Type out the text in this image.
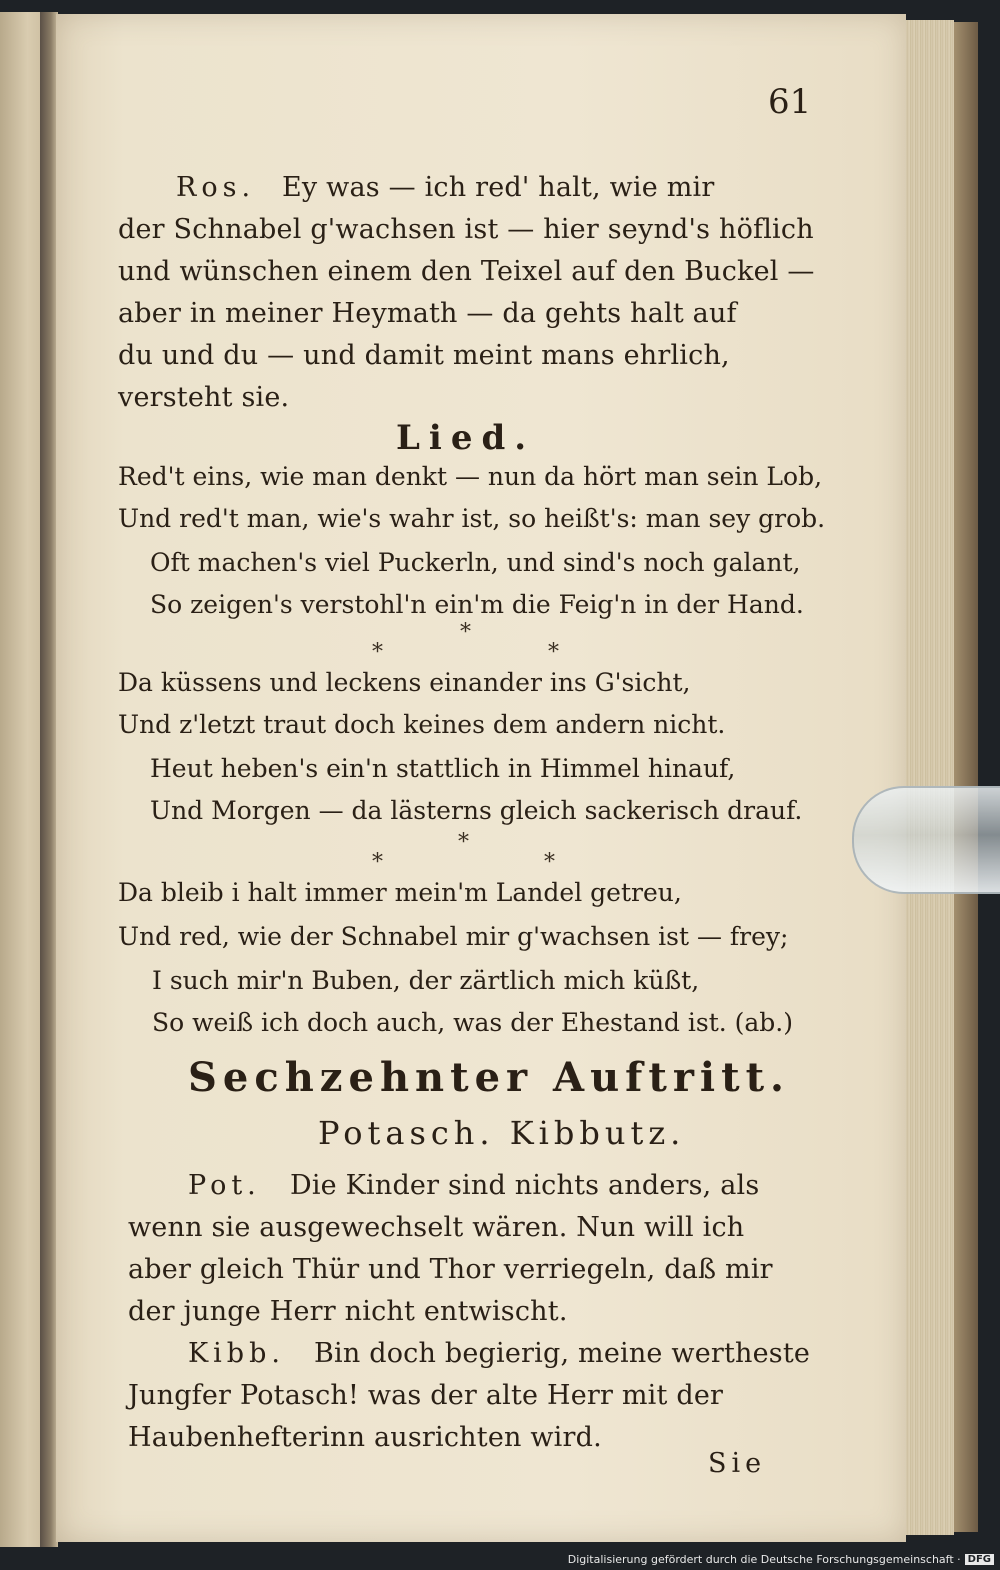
61
Ros. Ey was — ich red' halt, wie mir
der Schnabel g'wachsen ist — hier seynd's höflich
und wünschen einem den Teixel auf den Buckel —
aber in meiner Heymath — da gehts halt auf
du und du — und damit meint mans ehrlich,
versteht sie.
Lied.
Red't eins, wie man denkt — nun da hört man sein Lob,
Und red't man, wie's wahr ist, so heißt's: man sey grob.
Oft machen's viel Puckerln, und sind's noch galant,
So zeigen's verstohl'n ein'm die Feig'n in der Hand.
*
*	*
Da küssens und leckens einander ins G'sicht,
Und z'letzt traut doch keines dem andern nicht.
Heut heben's ein'n stattlich in Himmel hinauf,
Und Morgen — da lästerns gleich sackerisch drauf.
*
*	*
Da bleib i halt immer mein'm Landel getreu,
Und red, wie der Schnabel mir g'wachsen ist — frey;
I such mir'n Buben, der zärtlich mich küßt,
So weiß ich doch auch, was der Ehestand ist. (ab.)
Sechzehnter Auftritt.
Potasch. Kibbutz.
Pot. Die Kinder sind nichts anders, als
wenn sie ausgewechselt wären. Nun will ich
aber gleich Thür und Thor verriegeln, daß mir
der junge Herr nicht entwischt.
Kibb. Bin doch begierig, meine wertheste
Jungfer Potasch! was der alte Herr mit der
Haubenhefterinn ausrichten wird.
Sie
Digitalisierung gefördert durch die Deutsche Forschungsgemeinschaft · DFG
